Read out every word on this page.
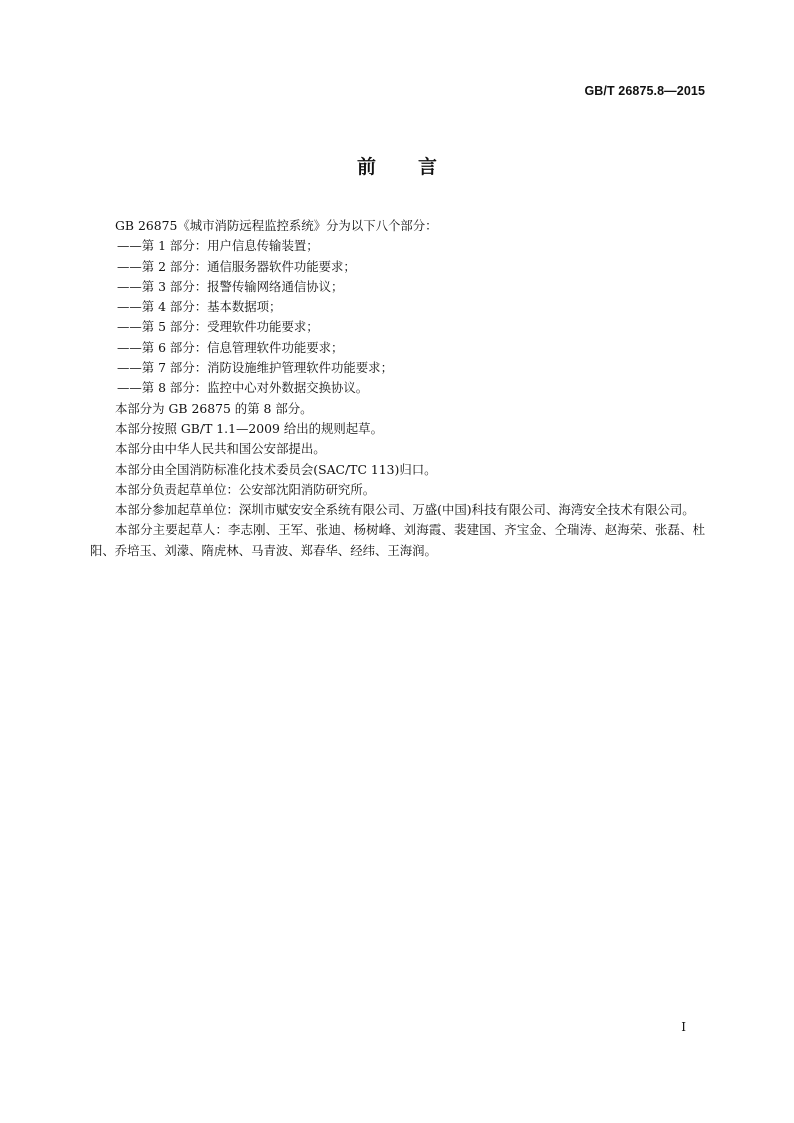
GB/T 26875.8—2015
前言

GB 26875《城市消防远程监控系统》分为以下八个部分：

——第 1 部分：用户信息传输装置；

——第 2 部分：通信服务器软件功能要求；

——第 3 部分：报警传输网络通信协议；

——第 4 部分：基本数据项；

——第 5 部分：受理软件功能要求；

——第 6 部分：信息管理软件功能要求；

——第 7 部分：消防设施维护管理软件功能要求；

——第 8 部分：监控中心对外数据交换协议。

本部分为 GB 26875 的第 8 部分。

本部分按照 GB/T 1.1—2009 给出的规则起草。

本部分由中华人民共和国公安部提出。

本部分由全国消防标准化技术委员会(SAC/TC 113)归口。

本部分负责起草单位：公安部沈阳消防研究所。

本部分参加起草单位：深圳市赋安安全系统有限公司、万盛(中国)科技有限公司、海湾安全技术有限公司。

本部分主要起草人：李志刚、王军、张迪、杨树峰、刘海霞、裴建国、齐宝金、仝瑞涛、赵海荣、张磊、杜阳、乔培玉、刘濛、隋虎林、马青波、郑春华、经纬、王海润。

I
